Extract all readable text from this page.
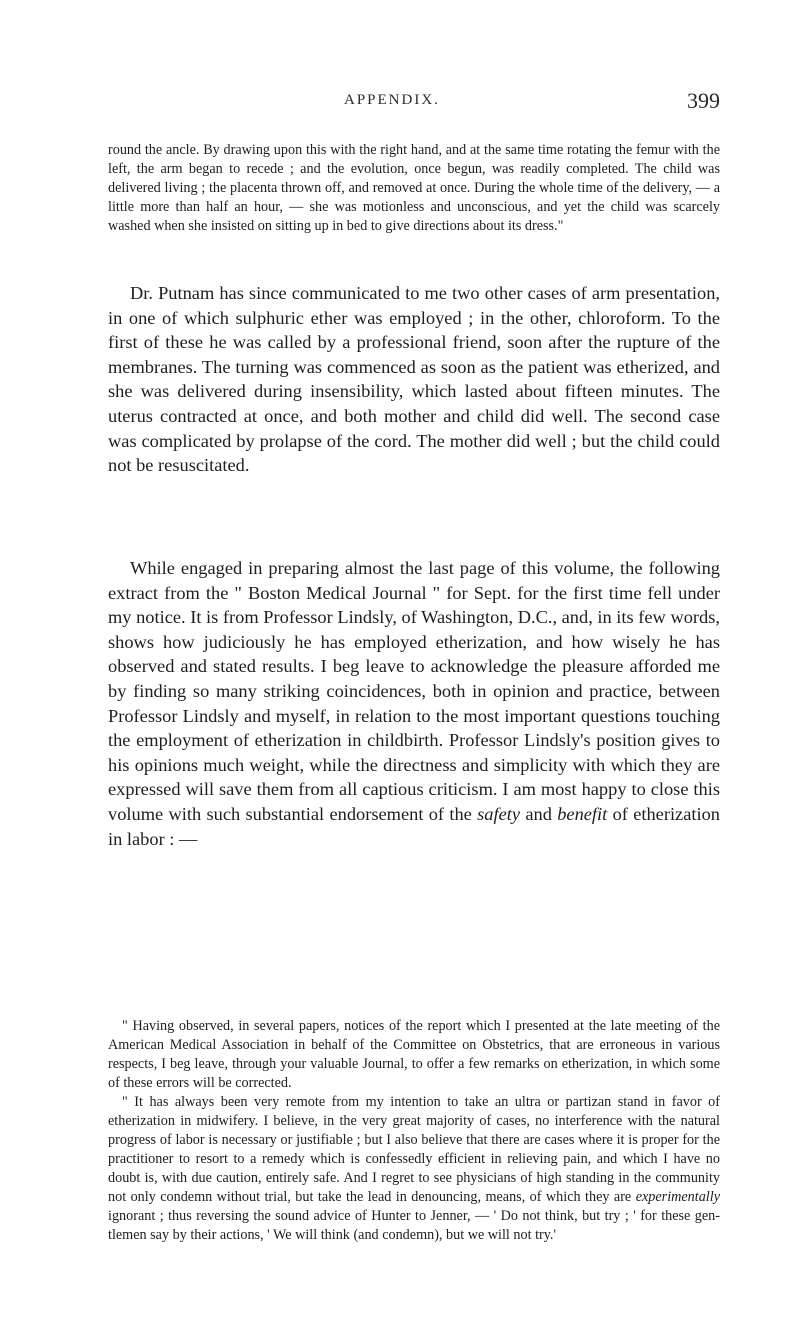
APPENDIX.	399

round the ancle. By drawing upon this with the right hand, and at the same time rotating the femur with the left, the arm began to recede ; and the evolution, once begun, was readily completed. The child was delivered living ; the placenta thrown off, and removed at once. During the whole time of the delivery, — a little more than half an hour, — she was motionless and unconscious, and yet the child was scarcely washed when she insisted on sitting up in bed to give directions about its dress."

Dr. Putnam has since communicated to me two other cases of arm presentation, in one of which sulphuric ether was employed ; in the other, chloroform. To the first of these he was called by a professional friend, soon after the rupture of the membranes. The turning was commenced as soon as the patient was etherized, and she was delivered during insensibility, which lasted about fifteen minutes. The uterus contracted at once, and both mother and child did well. The second case was complicated by prolapse of the cord. The mother did well ; but the child could not be resuscitated.

While engaged in preparing almost the last page of this volume, the following extract from the " Boston Medical Journal " for Sept. for the first time fell under my notice. It is from Professor Lindsly, of Washington, D.C., and, in its few words, shows how judiciously he has employed etherization, and how wisely he has observed and stated results. I beg leave to acknowledge the pleasure afforded me by finding so many striking coincidences, both in opinion and practice, between Professor Lindsly and myself, in relation to the most important questions touching the employment of etherization in childbirth. Professor Lindsly's position gives to his opinions much weight, while the directness and simplicity with which they are expressed will save them from all captious criticism. I am most happy to close this volume with such substantial endorsement of the safety and benefit of etherization in labor : —

" Having observed, in several papers, notices of the report which I presented at the late meeting of the American Medical Association in behalf of the Committee on Obstetrics, that are erroneous in various respects, I beg leave, through your valuable Journal, to offer a few remarks on etherization, in which some of these errors will be corrected.

" It has always been very remote from my intention to take an ultra or partizan stand in favor of etherization in midwifery. I believe, in the very great majority of cases, no interference with the natural progress of labor is necessary or justifiable ; but I also believe that there are cases where it is proper for the practitioner to resort to a remedy which is confessedly efficient in relieving pain, and which I have no doubt is, with due caution, entirely safe. And I regret to see physicians of high standing in the community not only condemn without trial, but take the lead in denouncing, means, of which they are experimentally ignorant ; thus reversing the sound advice of Hunter to Jenner, — ' Do not think, but try ; ' for these gentlemen say by their actions, ' We will think (and condemn), but we will not try.'
